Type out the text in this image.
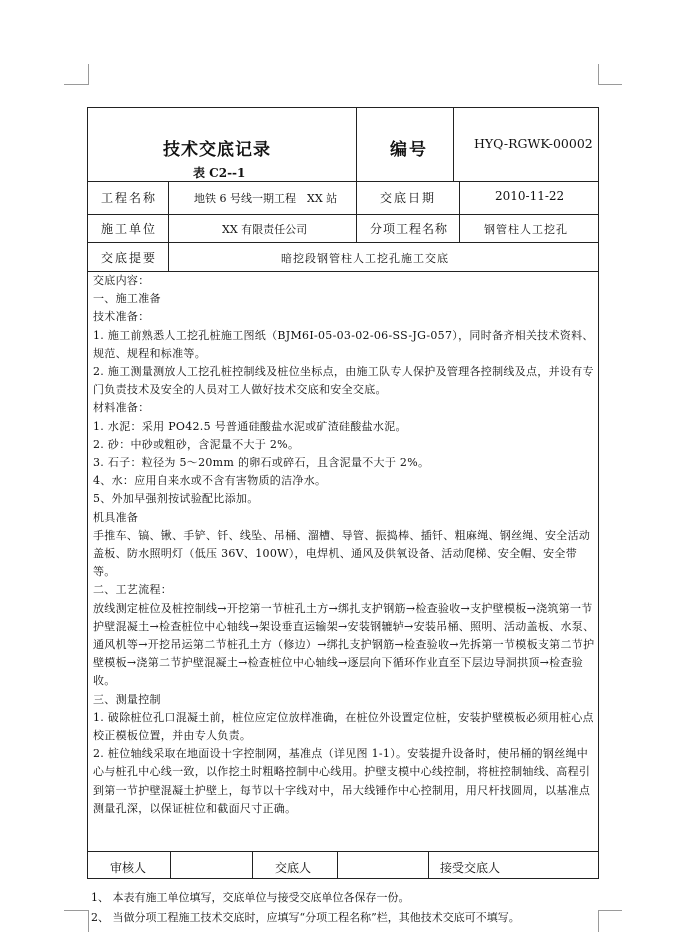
技术交底记录
表 C2--1
编号	HYQ-RGWK-00002
工程名称	地铁 6 号线一期工程　XX 站	交底日期	2010-11-22
施工单位	XX 有限责任公司	分项工程名称	钢管柱人工挖孔
交底提要	暗挖段钢管柱人工挖孔施工交底

交底内容：

一、施工准备

技术准备：

1. 施工前熟悉人工挖孔桩施工图纸（BJM6I-05-03-02-06-SS-JG-057），同时备齐相关技术资料、规范、规程和标准等。

2. 施工测量测放人工挖孔桩控制线及桩位坐标点，由施工队专人保护及管理各控制线及点，并设有专门负责技术及安全的人员对工人做好技术交底和安全交底。

材料准备：

1. 水泥：采用 PO42.5 号普通硅酸盐水泥或矿渣硅酸盐水泥。

2. 砂：中砂或粗砂，含泥量不大于 2%。

3. 石子：粒径为 5～20mm 的卵石或碎石，且含泥量不大于 2%。

4、水：应用自来水或不含有害物质的洁净水。

5、外加早强剂按试验配比添加。

机具准备

手推车、镐、锹、手铲、钎、线坠、吊桶、溜槽、导管、振捣棒、插钎、粗麻绳、钢丝绳、安全活动盖板、防水照明灯（低压 36V、100W），电焊机、通风及供氧设备、活动爬梯、安全帽、安全带等。

二、工艺流程：

放线测定桩位及桩控制线→开挖第一节桩孔土方→绑扎支护钢筋→检查验收→支护壁模板→浇筑第一节护壁混凝土→检查桩位中心轴线→架设垂直运输架→安装钢辘轳→安装吊桶、照明、活动盖板、水泵、通风机等→开挖吊运第二节桩孔土方（修边）→绑扎支护钢筋→检查验收→先拆第一节模板支第二节护壁模板→浇第二节护壁混凝土→检查桩位中心轴线→逐层向下循环作业直至下层边导洞拱顶→检查验收。

三、测量控制

1. 破除桩位孔口混凝土前，桩位应定位放样准确，在桩位外设置定位桩，安装护壁模板必须用桩心点校正模板位置，并由专人负责。

2. 桩位轴线采取在地面设十字控制网，基准点（详见图 1-1）。安装提升设备时，使吊桶的钢丝绳中心与桩孔中心线一致，以作挖土时粗略控制中心线用。护壁支模中心线控制，将桩控制轴线、高程引到第一节护壁混凝土护壁上，每节以十字线对中，吊大线锤作中心控制用，用尺杆找圆周，以基准点测量孔深，以保证桩位和截面尺寸正确。

审核人	交底人	接受交底人
1、 本表有施工单位填写，交底单位与接受交底单位各保存一份。
2、 当做分项工程施工技术交底时，应填写“分项工程名称”栏，其他技术交底可不填写。
